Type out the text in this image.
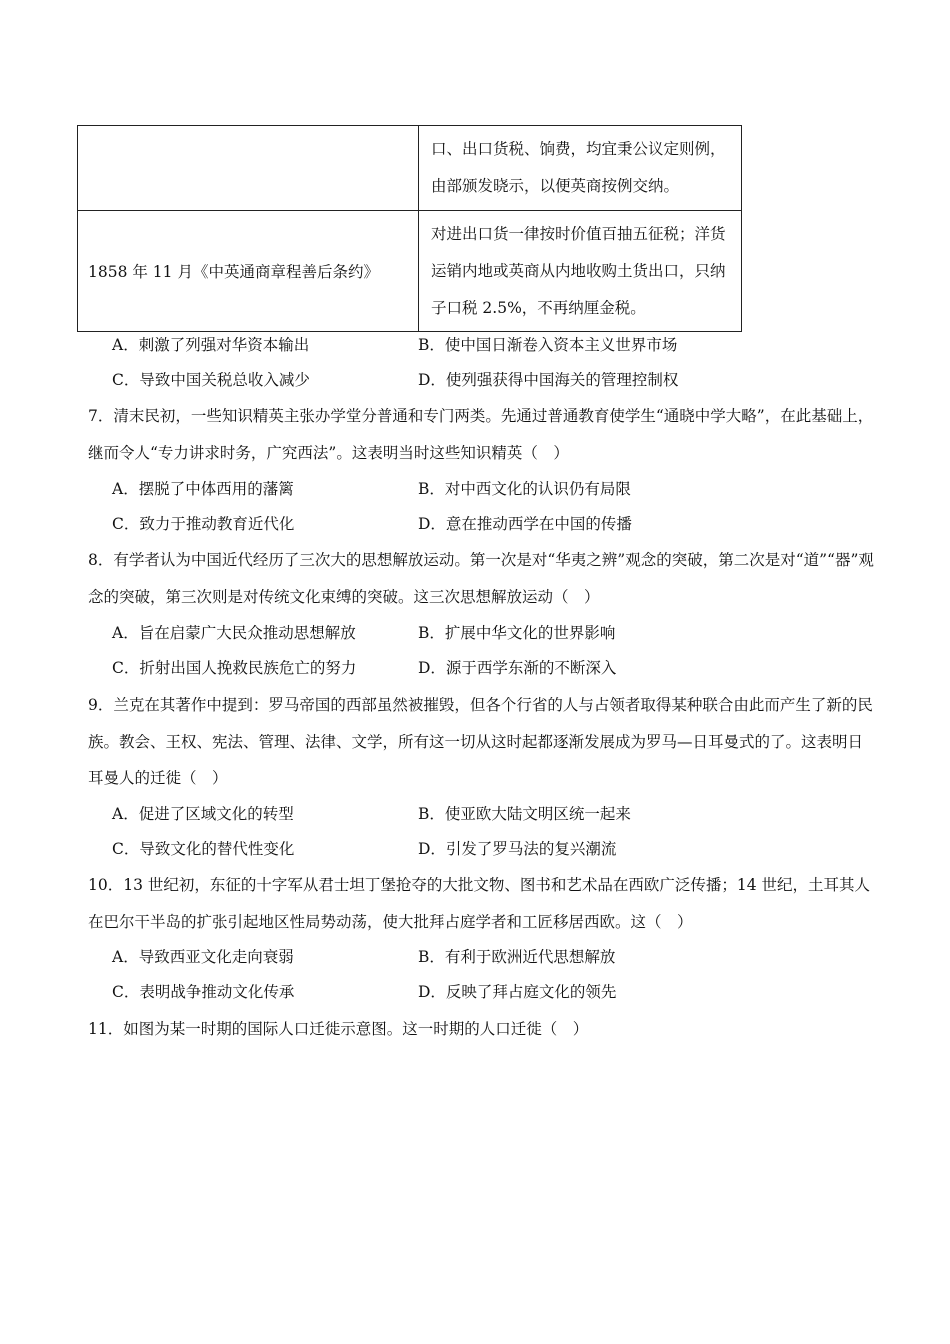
	口、出口货税、饷费，均宜秉公议定则例，由部颁发晓示，以便英商按例交纳。
1858 年 11 月《中英通商章程善后条约》	对进出口货一律按时价值百抽五征税；洋货运销内地或英商从内地收购土货出口，只纳子口税 2.5%，不再纳厘金税。
A．刺激了列强对华资本输出	B．使中国日渐卷入资本主义世界市场
C．导致中国关税总收入减少	D．使列强获得中国海关的管理控制权
7．清末民初，一些知识精英主张办学堂分普通和专门两类。先通过普通教育使学生“通晓中学大略”，在此基础上，继而令人“专力讲求时务，广究西法”。这表明当时这些知识精英（　）
A．摆脱了中体西用的藩篱	B．对中西文化的认识仍有局限
C．致力于推动教育近代化	D．意在推动西学在中国的传播
8．有学者认为中国近代经历了三次大的思想解放运动。第一次是对“华夷之辨”观念的突破，第二次是对“道”“器”观念的突破，第三次则是对传统文化束缚的突破。这三次思想解放运动（　）
A．旨在启蒙广大民众推动思想解放	B．扩展中华文化的世界影响
C．折射出国人挽救民族危亡的努力	D．源于西学东渐的不断深入
9．兰克在其著作中提到：罗马帝国的西部虽然被摧毁，但各个行省的人与占领者取得某种联合由此而产生了新的民族。教会、王权、宪法、管理、法律、文学，所有这一切从这时起都逐渐发展成为罗马—日耳曼式的了。这表明日耳曼人的迁徙（　）
A．促进了区域文化的转型	B．使亚欧大陆文明区统一起来
C．导致文化的替代性变化	D．引发了罗马法的复兴潮流
10．13 世纪初，东征的十字军从君士坦丁堡抢夺的大批文物、图书和艺术品在西欧广泛传播；14 世纪，土耳其人在巴尔干半岛的扩张引起地区性局势动荡，使大批拜占庭学者和工匠移居西欧。这（　）
A．导致西亚文化走向衰弱	B．有利于欧洲近代思想解放
C．表明战争推动文化传承	D．反映了拜占庭文化的领先
11．如图为某一时期的国际人口迁徙示意图。这一时期的人口迁徙（　）
